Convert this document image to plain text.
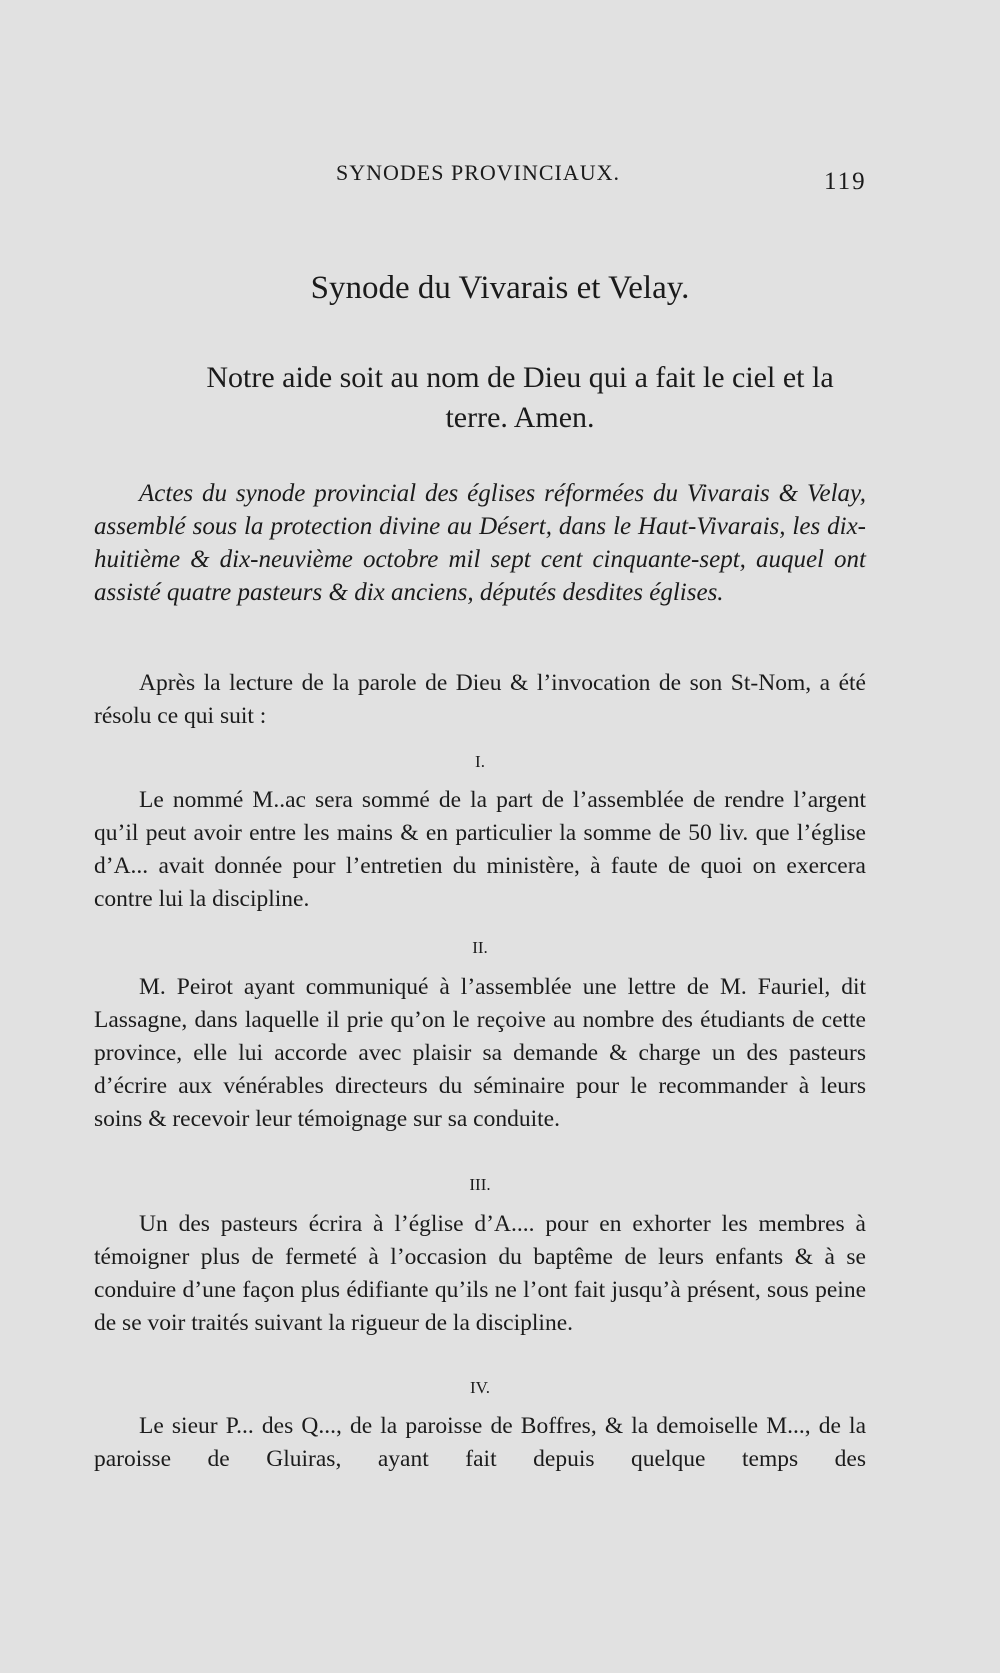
SYNODES PROVINCIAUX.	119
Synode du Vivarais et Velay.
Notre aide soit au nom de Dieu qui a fait le ciel et la terre. Amen.

Actes du synode provincial des églises réformées du Vivarais & Velay, assemblé sous la protection divine au Désert, dans le Haut-Vivarais, les dix-huitième & dix-neuvième octobre mil sept cent cinquante-sept, auquel ont assisté quatre pasteurs & dix anciens, députés desdites églises.

Après la lecture de la parole de Dieu & l’invocation de son St-Nom, a été résolu ce qui suit :

I.

Le nommé M..ac sera sommé de la part de l’assemblée de rendre l’argent qu’il peut avoir entre les mains & en particulier la somme de 50 liv. que l’église d’A... avait donnée pour l’entretien du ministère, à faute de quoi on exercera contre lui la discipline.

II.

M. Peirot ayant communiqué à l’assemblée une lettre de M. Fauriel, dit Lassagne, dans laquelle il prie qu’on le reçoive au nombre des étudiants de cette province, elle lui accorde avec plaisir sa demande & charge un des pasteurs d’écrire aux vénérables directeurs du séminaire pour le recommander à leurs soins & recevoir leur témoignage sur sa conduite.

III.

Un des pasteurs écrira à l’église d’A.... pour en exhorter les membres à témoigner plus de fermeté à l’occasion du baptême de leurs enfants & à se conduire d’une façon plus édifiante qu’ils ne l’ont fait jusqu’à présent, sous peine de se voir traités suivant la rigueur de la discipline.

IV.

Le sieur P... des Q..., de la paroisse de Boffres, & la demoiselle M..., de la paroisse de Gluiras, ayant fait depuis quelque temps des
